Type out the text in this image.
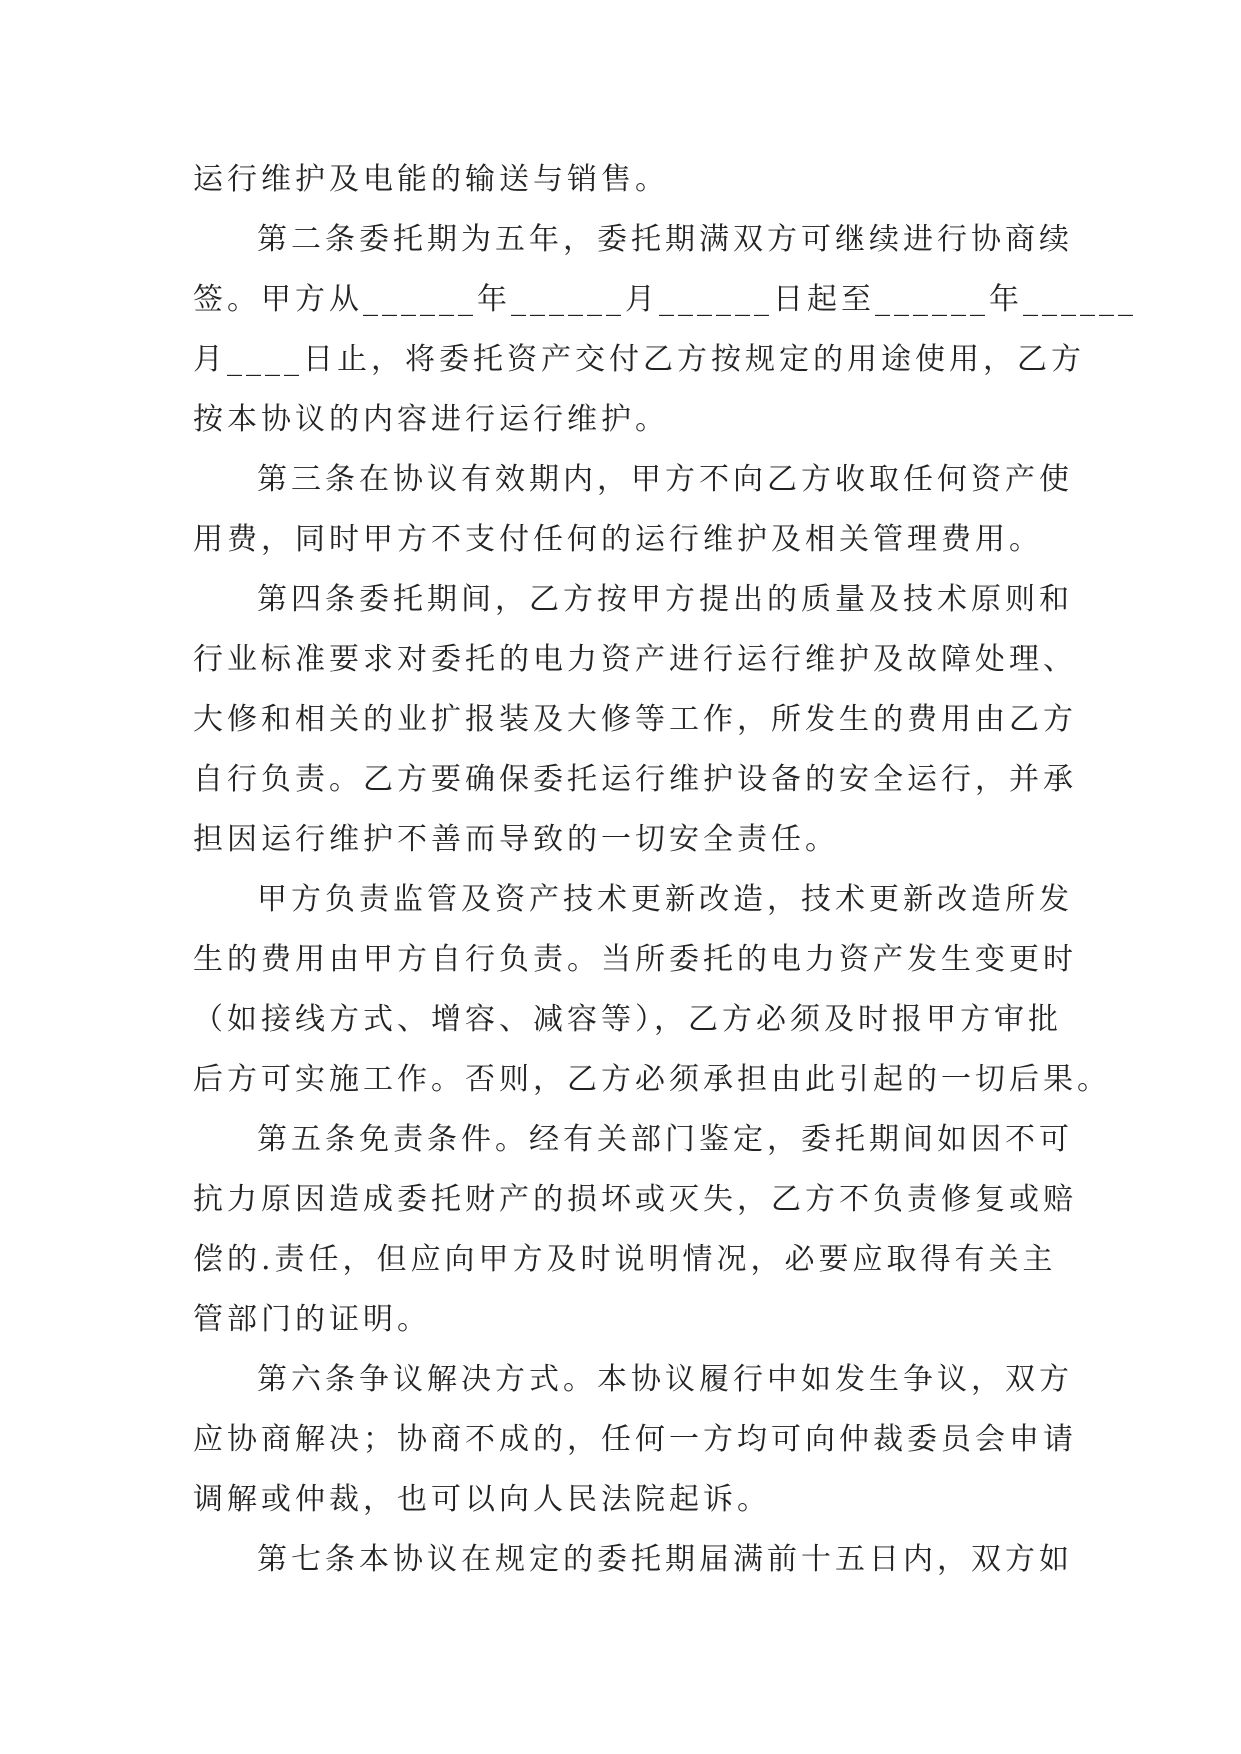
运行维护及电能的输送与销售。
第二条委托期为五年，委托期满双方可继续进行协商续
签。甲方从______年______月______日起至______年______
月____日止，将委托资产交付乙方按规定的用途使用，乙方
按本协议的内容进行运行维护。
第三条在协议有效期内，甲方不向乙方收取任何资产使
用费，同时甲方不支付任何的运行维护及相关管理费用。
第四条委托期间，乙方按甲方提出的质量及技术原则和
行业标准要求对委托的电力资产进行运行维护及故障处理、
大修和相关的业扩报装及大修等工作，所发生的费用由乙方
自行负责。乙方要确保委托运行维护设备的安全运行，并承
担因运行维护不善而导致的一切安全责任。
甲方负责监管及资产技术更新改造，技术更新改造所发
生的费用由甲方自行负责。当所委托的电力资产发生变更时
（如接线方式、增容、减容等），乙方必须及时报甲方审批
后方可实施工作。否则，乙方必须承担由此引起的一切后果。
第五条免责条件。经有关部门鉴定，委托期间如因不可
抗力原因造成委托财产的损坏或灭失，乙方不负责修复或赔
偿的.责任，但应向甲方及时说明情况，必要应取得有关主
管部门的证明。
第六条争议解决方式。本协议履行中如发生争议，双方
应协商解决；协商不成的，任何一方均可向仲裁委员会申请
调解或仲裁，也可以向人民法院起诉。
第七条本协议在规定的委托期届满前十五日内，双方如
